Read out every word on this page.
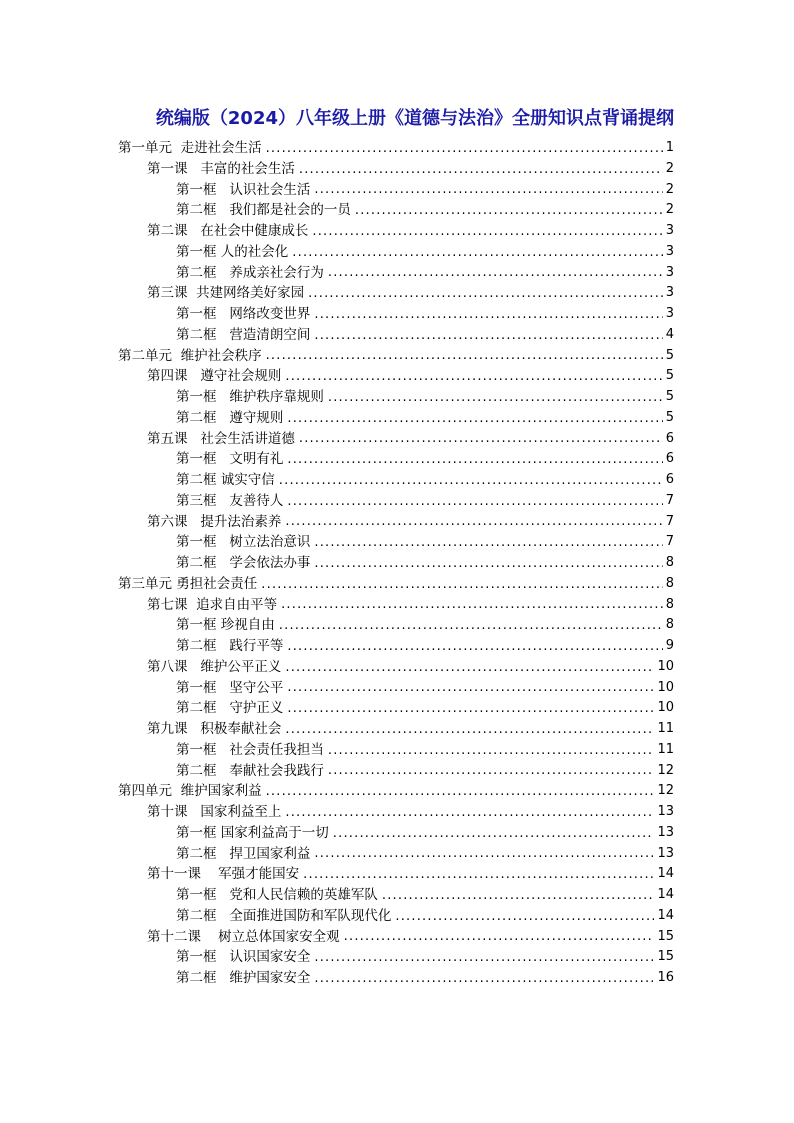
统编版（2024）八年级上册《道德与法治》全册知识点背诵提纲
第一单元  走进社会生活 .....	1
第一课   丰富的社会生活 .....	2
第一框   认识社会生活 .....	2
第二框   我们都是社会的一员 .....	2
第二课   在社会中健康成长 .....	3
第一框 人的社会化 .....	3
第二框   养成亲社会行为 .....	3
第三课  共建网络美好家园 .....	3
第一框   网络改变世界 .....	3
第二框   营造清朗空间 .....	4
第二单元  维护社会秩序 .....	5
第四课   遵守社会规则 .....	5
第一框   维护秩序靠规则 .....	5
第二框   遵守规则 .....	5
第五课   社会生活讲道德 .....	6
第一框   文明有礼 .....	6
第二框 诚实守信 .....	6
第三框   友善待人 .....	7
第六课   提升法治素养 .....	7
第一框   树立法治意识 .....	7
第二框   学会依法办事 .....	8
第三单元 勇担社会责任 .....	8
第七课  追求自由平等 .....	8
第一框 珍视自由 .....	8
第二框   践行平等 .....	9
第八课   维护公平正义 .....	10
第一框   坚守公平 .....	10
第二框   守护正义 .....	10
第九课   积极奉献社会 .....	11
第一框   社会责任我担当 .....	11
第二框   奉献社会我践行 .....	12
第四单元  维护国家利益 .....	12
第十课   国家利益至上 .....	13
第一框 国家利益高于一切 .....	13
第二框   捍卫国家利益 .....	13
第十一课    军强才能国安 .....	14
第一框   党和人民信赖的英雄军队 .....	14
第二框   全面推进国防和军队现代化 .....	14
第十二课    树立总体国家安全观 .....	15
第一框   认识国家安全 .....	15
第二框   维护国家安全 .....	16
